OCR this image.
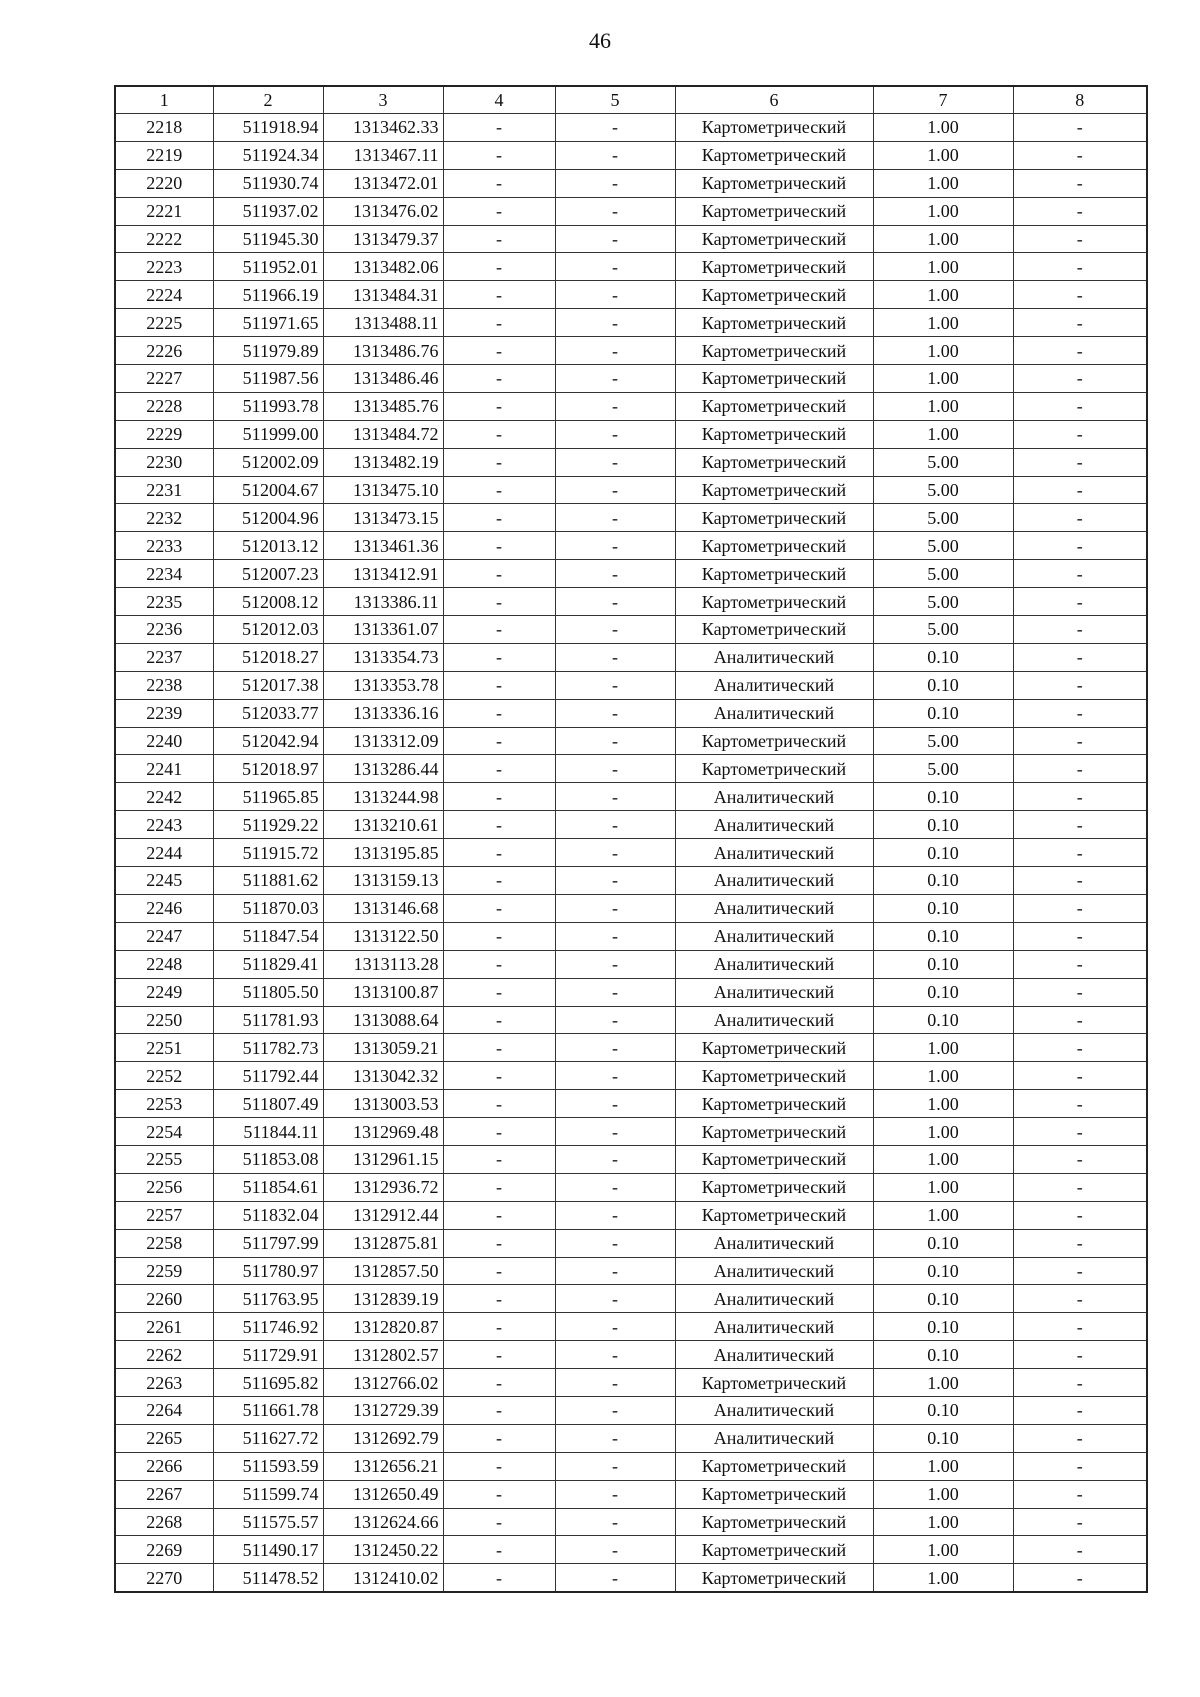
46
1	2	3	4	5	6	7	8
2218	511918.94	1313462.33	-	-	Картометрический	1.00	-
2219	511924.34	1313467.11	-	-	Картометрический	1.00	-
2220	511930.74	1313472.01	-	-	Картометрический	1.00	-
2221	511937.02	1313476.02	-	-	Картометрический	1.00	-
2222	511945.30	1313479.37	-	-	Картометрический	1.00	-
2223	511952.01	1313482.06	-	-	Картометрический	1.00	-
2224	511966.19	1313484.31	-	-	Картометрический	1.00	-
2225	511971.65	1313488.11	-	-	Картометрический	1.00	-
2226	511979.89	1313486.76	-	-	Картометрический	1.00	-
2227	511987.56	1313486.46	-	-	Картометрический	1.00	-
2228	511993.78	1313485.76	-	-	Картометрический	1.00	-
2229	511999.00	1313484.72	-	-	Картометрический	1.00	-
2230	512002.09	1313482.19	-	-	Картометрический	5.00	-
2231	512004.67	1313475.10	-	-	Картометрический	5.00	-
2232	512004.96	1313473.15	-	-	Картометрический	5.00	-
2233	512013.12	1313461.36	-	-	Картометрический	5.00	-
2234	512007.23	1313412.91	-	-	Картометрический	5.00	-
2235	512008.12	1313386.11	-	-	Картометрический	5.00	-
2236	512012.03	1313361.07	-	-	Картометрический	5.00	-
2237	512018.27	1313354.73	-	-	Аналитический	0.10	-
2238	512017.38	1313353.78	-	-	Аналитический	0.10	-
2239	512033.77	1313336.16	-	-	Аналитический	0.10	-
2240	512042.94	1313312.09	-	-	Картометрический	5.00	-
2241	512018.97	1313286.44	-	-	Картометрический	5.00	-
2242	511965.85	1313244.98	-	-	Аналитический	0.10	-
2243	511929.22	1313210.61	-	-	Аналитический	0.10	-
2244	511915.72	1313195.85	-	-	Аналитический	0.10	-
2245	511881.62	1313159.13	-	-	Аналитический	0.10	-
2246	511870.03	1313146.68	-	-	Аналитический	0.10	-
2247	511847.54	1313122.50	-	-	Аналитический	0.10	-
2248	511829.41	1313113.28	-	-	Аналитический	0.10	-
2249	511805.50	1313100.87	-	-	Аналитический	0.10	-
2250	511781.93	1313088.64	-	-	Аналитический	0.10	-
2251	511782.73	1313059.21	-	-	Картометрический	1.00	-
2252	511792.44	1313042.32	-	-	Картометрический	1.00	-
2253	511807.49	1313003.53	-	-	Картометрический	1.00	-
2254	511844.11	1312969.48	-	-	Картометрический	1.00	-
2255	511853.08	1312961.15	-	-	Картометрический	1.00	-
2256	511854.61	1312936.72	-	-	Картометрический	1.00	-
2257	511832.04	1312912.44	-	-	Картометрический	1.00	-
2258	511797.99	1312875.81	-	-	Аналитический	0.10	-
2259	511780.97	1312857.50	-	-	Аналитический	0.10	-
2260	511763.95	1312839.19	-	-	Аналитический	0.10	-
2261	511746.92	1312820.87	-	-	Аналитический	0.10	-
2262	511729.91	1312802.57	-	-	Аналитический	0.10	-
2263	511695.82	1312766.02	-	-	Картометрический	1.00	-
2264	511661.78	1312729.39	-	-	Аналитический	0.10	-
2265	511627.72	1312692.79	-	-	Аналитический	0.10	-
2266	511593.59	1312656.21	-	-	Картометрический	1.00	-
2267	511599.74	1312650.49	-	-	Картометрический	1.00	-
2268	511575.57	1312624.66	-	-	Картометрический	1.00	-
2269	511490.17	1312450.22	-	-	Картометрический	1.00	-
2270	511478.52	1312410.02	-	-	Картометрический	1.00	-
